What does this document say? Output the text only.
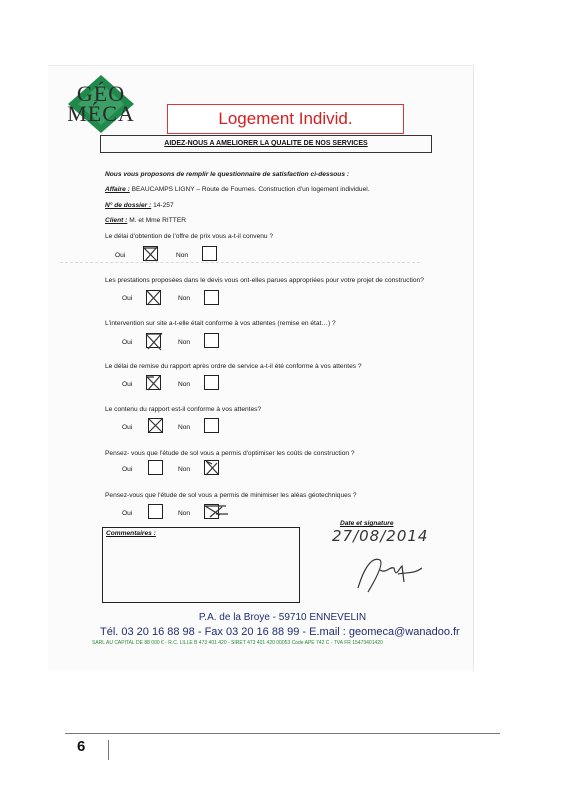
GÉO
MÉCA	Logement Individ.
AIDEZ-NOUS A AMELIORER LA QUALITE DE NOS SERVICES
Nous vous proposons de remplir le questionnaire de satisfaction ci-dessous :
Affaire : BEAUCAMPS LIGNY – Route de Fournes. Construction d'un logement individuel.
N° de dossier : 14-257
Client : M. et Mme RITTER
Le délai d'obtention de l'offre de prix vous a-t-il convenu ?
Oui	Non
Les prestations proposées dans le devis vous ont-elles parues appropriées pour votre projet de construction?
Oui	Non
L'intervention sur site a-t-elle était conforme à vos attentes (remise en état…) ?
Oui	Non
Le délai de remise du rapport après ordre de service a-t-il été conforme à vos attentes ?
Oui	Non
Le contenu du rapport est-il conforme à vos attentes?
Oui	Non
Pensez- vous que l'étude de sol vous a permis d'optimiser les coûts de construction ?
Oui	Non
Pensez-vous que l'étude de sol vous a permis de minimiser les aléas géotechniques ?
Oui	Non
Commentaires :
Date et signature
27/08/2014
P.A. de la Broye - 59710 ENNEVELIN
Tél. 03 20 16 88 98 - Fax 03 20 16 88 99 - E.mail : geomeca@wanadoo.fr
SARL AU CAPITAL DE 88 000 € - R.C. LILLE B 473 401 420 - SIRET 473 401 420 00053 Code APE 742 C - TVA FR 15473401420
6
